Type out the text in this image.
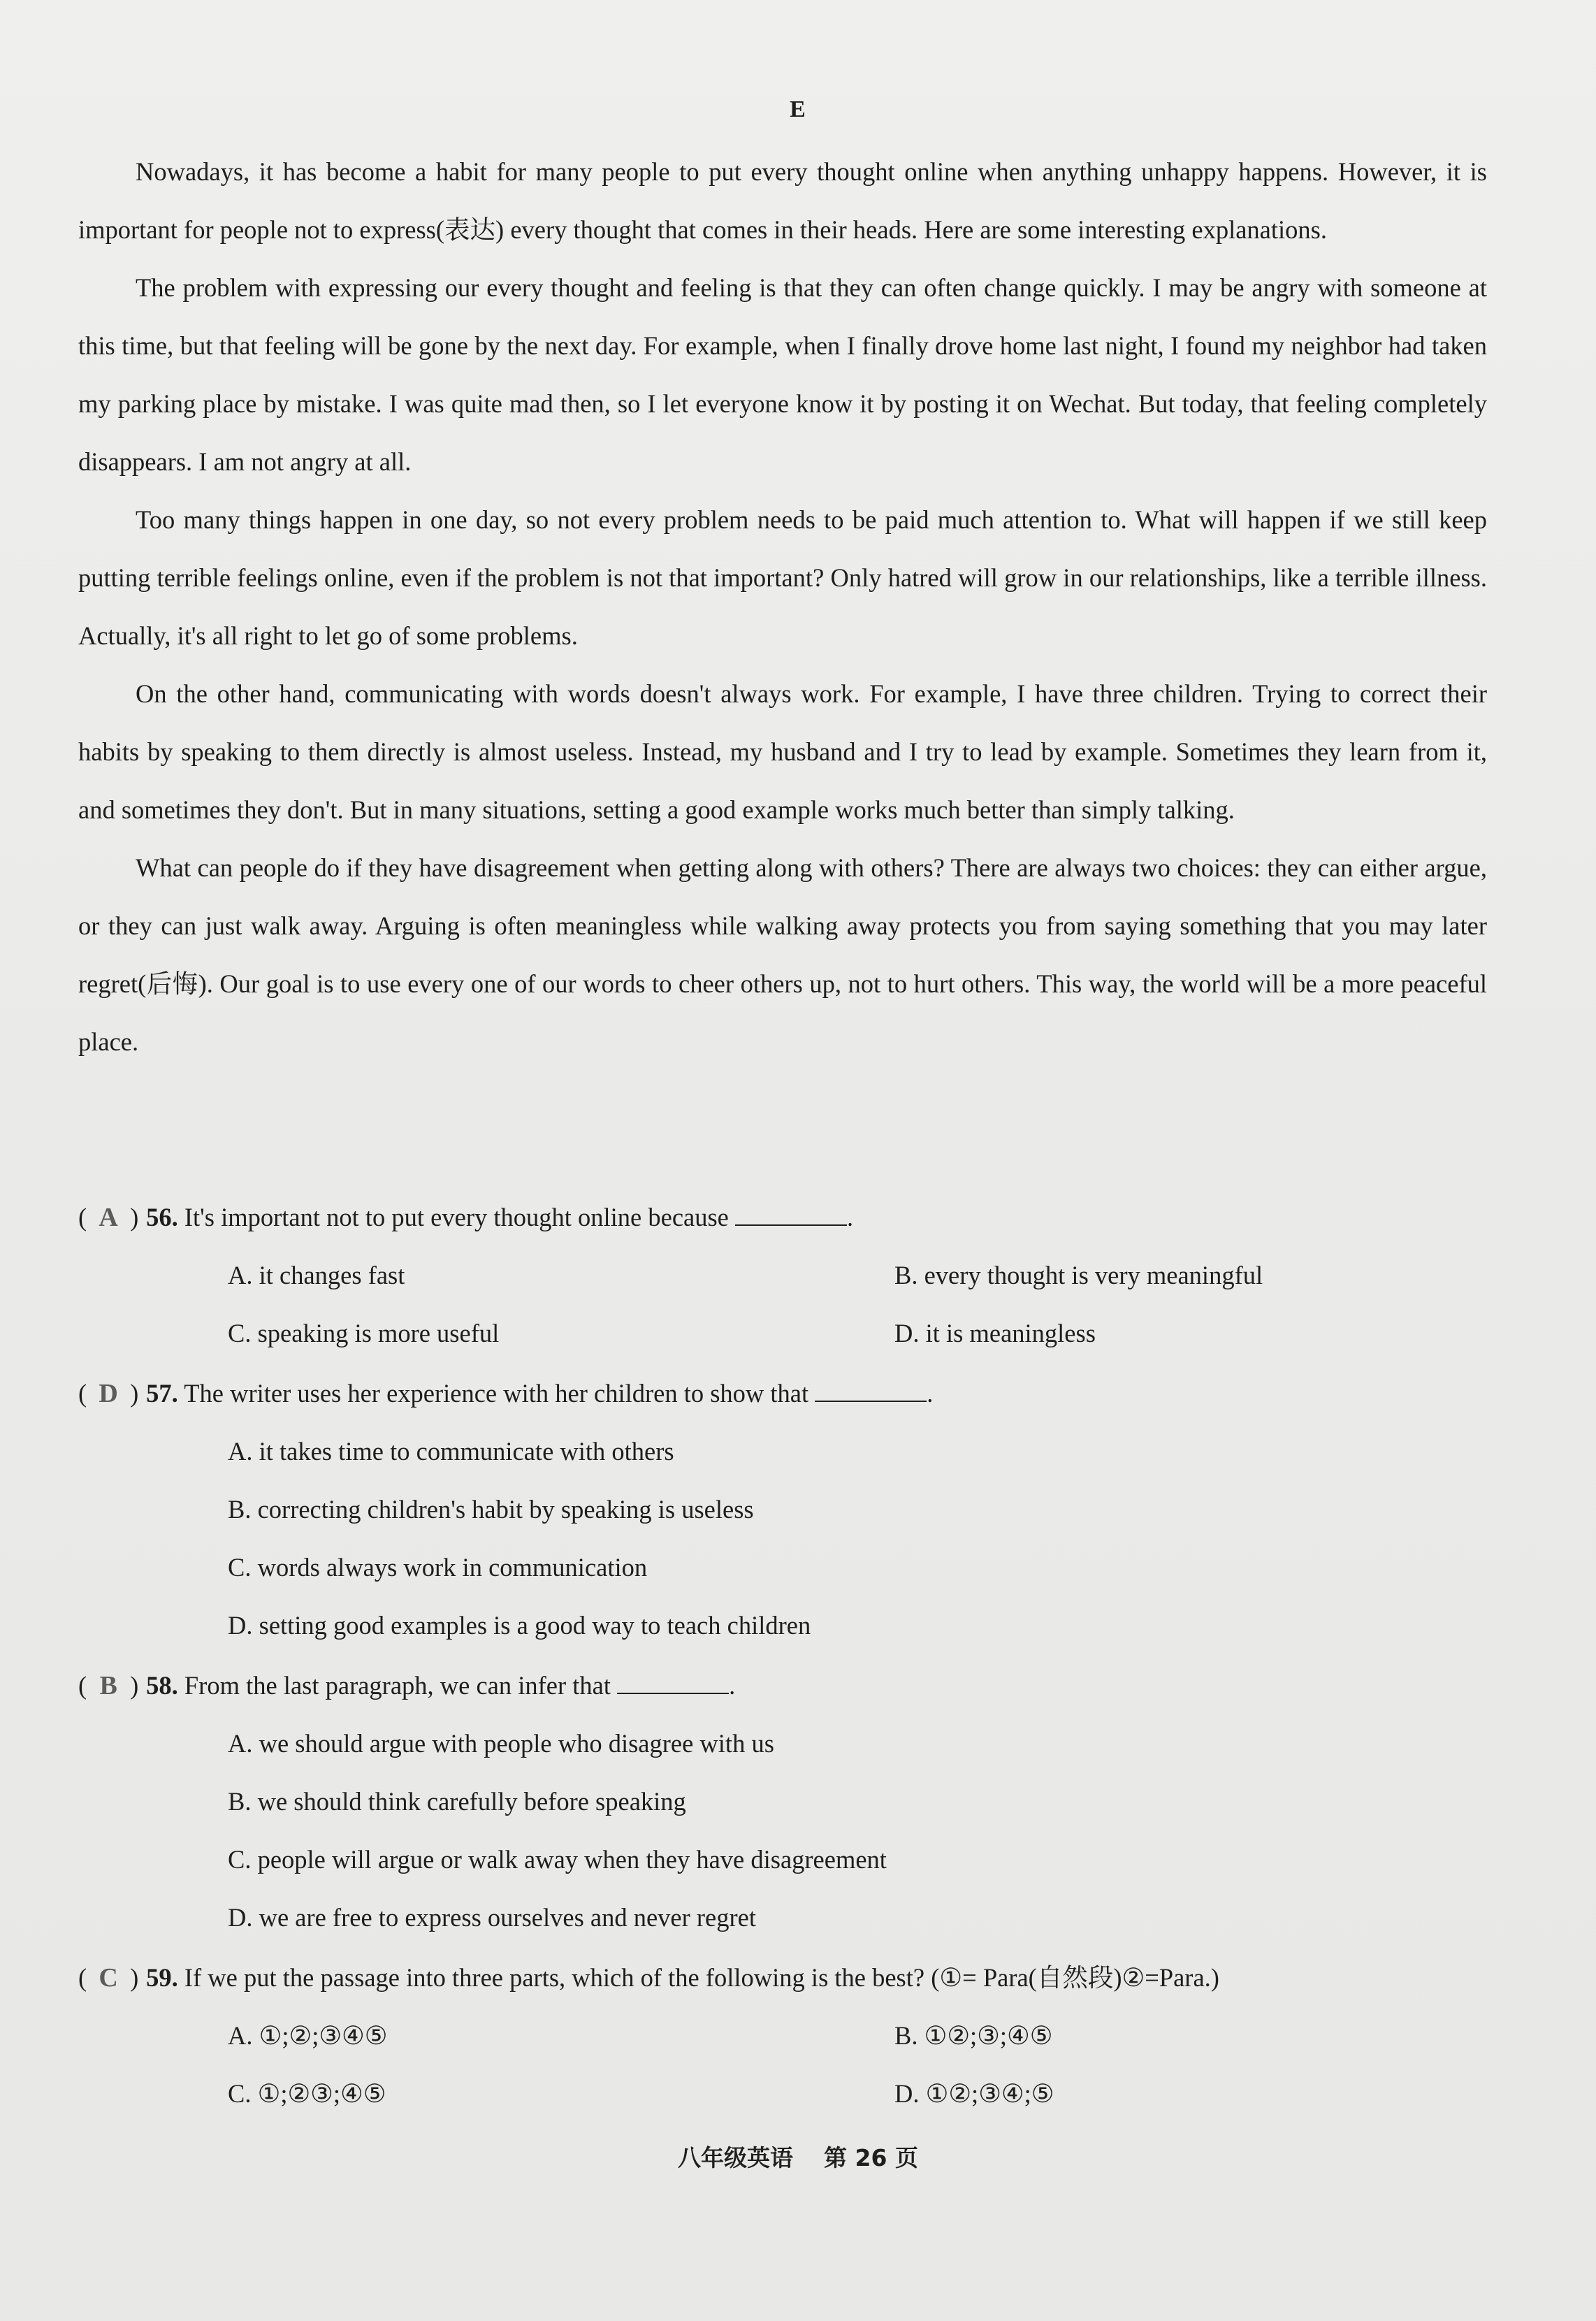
E

Nowadays, it has become a habit for many people to put every thought online when anything unhappy happens. However, it is important for people not to express(表达) every thought that comes in their heads. Here are some interesting explanations.

The problem with expressing our every thought and feeling is that they can often change quickly. I may be angry with someone at this time, but that feeling will be gone by the next day. For example, when I finally drove home last night, I found my neighbor had taken my parking place by mistake. I was quite mad then, so I let everyone know it by posting it on Wechat. But today, that feeling completely disappears. I am not angry at all.

Too many things happen in one day, so not every problem needs to be paid much attention to. What will happen if we still keep putting terrible feelings online, even if the problem is not that important? Only hatred will grow in our relationships, like a terrible illness. Actually, it's all right to let go of some problems.

On the other hand, communicating with words doesn't always work. For example, I have three children. Trying to correct their habits by speaking to them directly is almost useless. Instead, my husband and I try to lead by example. Sometimes they learn from it, and sometimes they don't. But in many situations, setting a good example works much better than simply talking.

What can people do if they have disagreement when getting along with others? There are always two choices: they can either argue, or they can just walk away. Arguing is often meaningless while walking away protects you from saying something that you may later regret(后悔). Our goal is to use every one of our words to cheer others up, not to hurt others. This way, the world will be a more peaceful place.

( A ) 56. It's important not to put every thought online because	.
A. it changes fast	B. every thought is very meaningful
C. speaking is more useful	D. it is meaningless
( D ) 57. The writer uses her experience with her children to show that	.
A. it takes time to communicate with others
B. correcting children's habit by speaking is useless
C. words always work in communication
D. setting good examples is a good way to teach children
( B ) 58. From the last paragraph, we can infer that	.
A. we should argue with people who disagree with us
B. we should think carefully before speaking
C. people will argue or walk away when they have disagreement
D. we are free to express ourselves and never regret
( C ) 59. If we put the passage into three parts, which of the following is the best? (①= Para(自然段)②=Para.)
A. ①;②;③④⑤	B. ①②;③;④⑤
C. ①;②③;④⑤	D. ①②;③④;⑤
八年级英语 第 26 页
